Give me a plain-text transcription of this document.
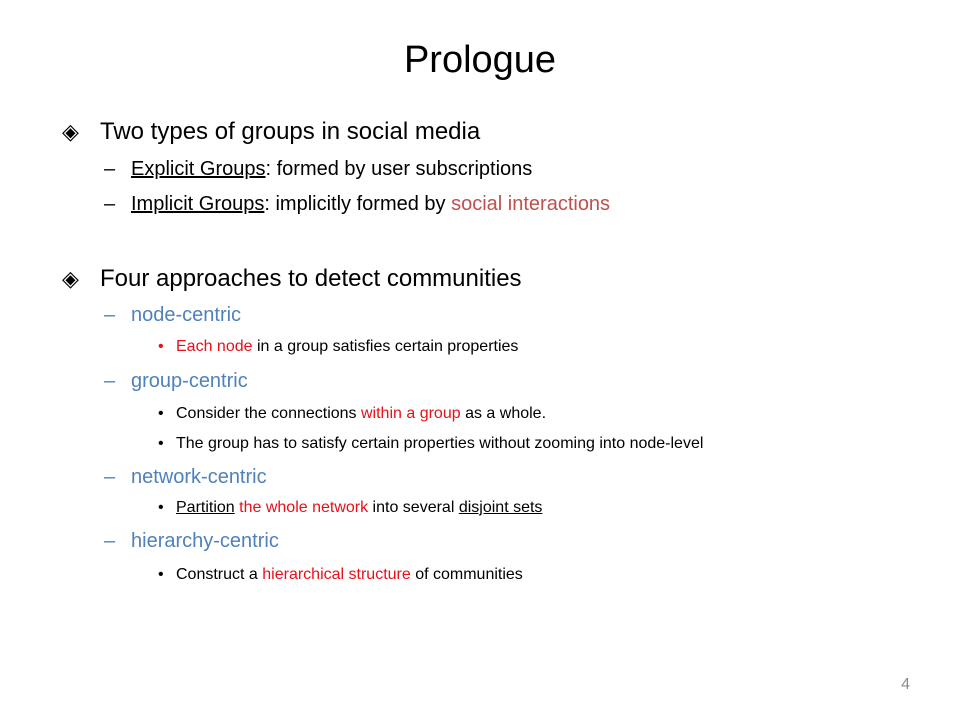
Prologue
◈ Two types of groups in social media
– Explicit Groups: formed by user subscriptions
– Implicit Groups: implicitly formed by social interactions
◈ Four approaches to detect communities
– node-centric
• Each node in a group satisfies certain properties
– group-centric
• Consider the connections within a group as a whole.
• The group has to satisfy certain properties without zooming into node-level
– network-centric
• Partition the whole network into several disjoint sets
– hierarchy-centric
• Construct a hierarchical structure of communities
4
